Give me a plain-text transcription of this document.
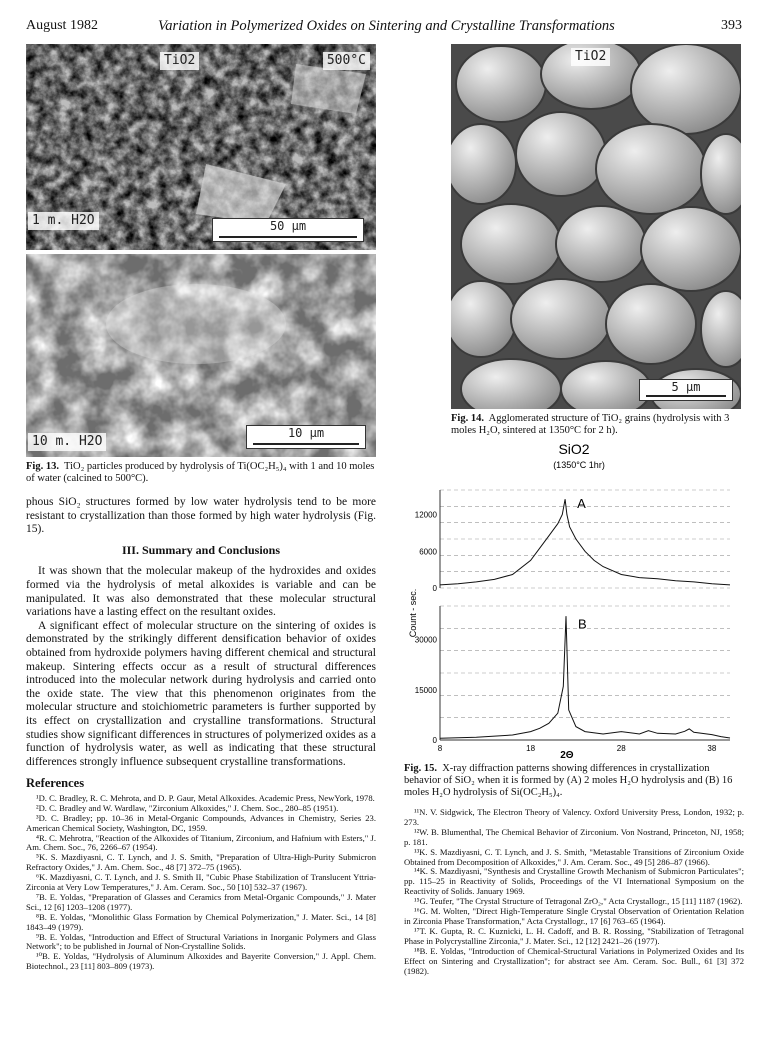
August 1982	Variation in Polymerized Oxides on Sintering and Crystalline Transformations	393
TiO2	500°C
1 m. H2O	50 μm
10 m. H2O
10 μm
Fig. 13. TiO₂ particles produced by hydrolysis of Ti(OC₂H₅)₄ with 1 and 10 moles of water (calcined to 500°C).
TiO2
5 μm
Fig. 14. Agglomerated structure of TiO₂ grains (hydrolysis with 3 moles H₂O, sintered at 1350°C for 2 h).
SiO2
(1350°C 1hr)
12000
6000
0
A
30000
15000
0
B
8	18	28	38
2Θ
Count - sec.
Fig. 15. X-ray diffraction patterns showing differences in crystallization behavior of SiO₂ when it is formed by (A) 2 moles H₂O hydrolysis and (B) 16 moles H₂O hydrolysis of Si(OC₂H₅)₄.

phous SiO₂ structures formed by low water hydrolysis tend to be more resistant to crystallization than those formed by high water hydrolysis (Fig. 15).

III. Summary and Conclusions

It was shown that the molecular makeup of the hydroxides and oxides formed via the hydrolysis of metal alkoxides is variable and can be manipulated. It was also demonstrated that these molecular structural variations have a lasting effect on the resultant oxides.

A significant effect of molecular structure on the sintering of oxides is demonstrated by the strikingly different densification behavior of oxides obtained from hydroxide polymers having different chemical and structural makeup. Sintering effects occur as a result of structural differences introduced into the molecular network during hydrolysis and carried onto the oxide state. The view that this phenomenon originates from the molecular structure and stoichiometric parameters is further supported by its effect on crystallization and crystalline transformations. Structural studies show significant differences in structures of polymerized oxides as a function of hydrolysis water, as well as indicating that these structural differences strongly influence subsequent crystalline transformations.

References
¹D. C. Bradley, R. C. Mehrota, and D. P. Gaur, Metal Alkoxides. Academic Press, NewYork, 1978.
²D. C. Bradley and W. Wardlaw, "Zirconium Alkoxides," J. Chem. Soc., 280–85 (1951).
³D. C. Bradley; pp. 10–36 in Metal-Organic Compounds, Advances in Chemistry, Series 23. American Chemical Society, Washington, DC, 1959.
⁴R. C. Mehrotra, "Reaction of the Alkoxides of Titanium, Zirconium, and Hafnium with Esters," J. Am. Chem. Soc., 76, 2266–67 (1954).
⁵K. S. Mazdiyasni, C. T. Lynch, and J. S. Smith, "Preparation of Ultra-High-Purity Submicron Refractory Oxides," J. Am. Chem. Soc., 48 [7] 372–75 (1965).
⁶K. Mazdiyasni, C. T. Lynch, and J. S. Smith II, "Cubic Phase Stabilization of Translucent Yttria-Zirconia at Very Low Temperatures," J. Am. Ceram. Soc., 50 [10] 532–37 (1967).
⁷B. E. Yoldas, "Preparation of Glasses and Ceramics from Metal-Organic Compounds," J. Mater Sci., 12 [6] 1203–1208 (1977).
⁸B. E. Yoldas, "Monolithic Glass Formation by Chemical Polymerization," J. Mater. Sci., 14 [8] 1843–49 (1979).
⁹B. E. Yoldas, "Introduction and Effect of Structural Variations in Inorganic Polymers and Glass Network"; to be published in Journal of Non-Crystalline Solids.
¹⁰B. E. Yoldas, "Hydrolysis of Aluminum Alkoxides and Bayerite Conversion," J. Appl. Chem. Biotechnol., 23 [11] 803–809 (1973).
¹¹N. V. Sidgwick, The Electron Theory of Valency. Oxford University Press, London, 1932; p. 273.
¹²W. B. Blumenthal, The Chemical Behavior of Zirconium. Von Nostrand, Princeton, NJ, 1958; p. 181.
¹³K. S. Mazdiyasni, C. T. Lynch, and J. S. Smith, "Metastable Transitions of Zirconium Oxide Obtained from Decomposition of Alkoxides," J. Am. Ceram. Soc., 49 [5] 286–87 (1966).
¹⁴K. S. Mazdiyasni, "Synthesis and Crystalline Growth Mechanism of Submicron Particulates"; pp. 115–25 in Reactivity of Solids, Proceedings of the VI International Symposium on the Reactivity of Solids. January 1969.
¹⁵G. Teufer, "The Crystal Structure of Tetragonal ZrO₂," Acta Crystallogr., 15 [11] 1187 (1962).
¹⁶G. M. Wolten, "Direct High-Temperature Single Crystal Observation of Orientation Relation in Zirconia Phase Transformation," Acta Crystallogr., 17 [6] 763–65 (1964).
¹⁷T. K. Gupta, R. C. Kuznicki, L. H. Cadoff, and B. R. Rossing, "Stabilization of Tetragonal Phase in Polycrystalline Zirconia," J. Mater. Sci., 12 [12] 2421–26 (1977).
¹⁸B. E. Yoldas, "Introduction of Chemical-Structural Variations in Polymerized Oxides and Its Effect on Sintering and Crystallization"; for abstract see Am. Ceram. Soc. Bull., 61 [3] 372 (1982).
